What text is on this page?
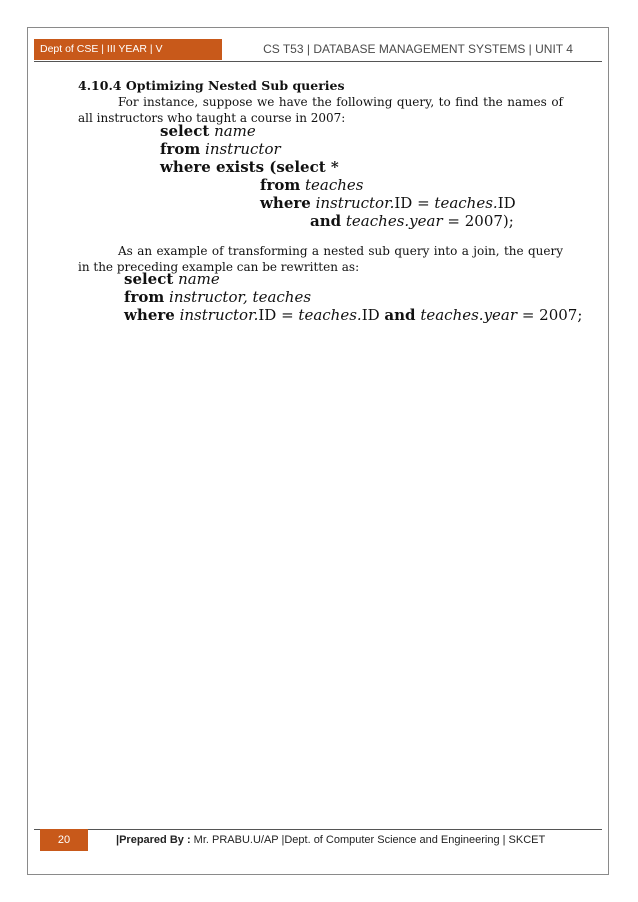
Dept of CSE | III YEAR | V SEMESTER
CS T53 | DATABASE MANAGEMENT SYSTEMS | UNIT 4
4.10.4 Optimizing Nested Sub queries
For instance, suppose we have the following query, to find the names of all instructors who taught a course in 2007:
select name
from instructor
where exists (select *
from teaches
where instructor.ID = teaches.ID
and teaches.year = 2007);
As an example of transforming a nested sub query into a join, the query in the preceding example can be rewritten as:
select name
from instructor, teaches
where instructor.ID = teaches.ID and teaches.year = 2007;
20	|Prepared By : Mr. PRABU.U/AP |Dept. of Computer Science and Engineering | SKCET
